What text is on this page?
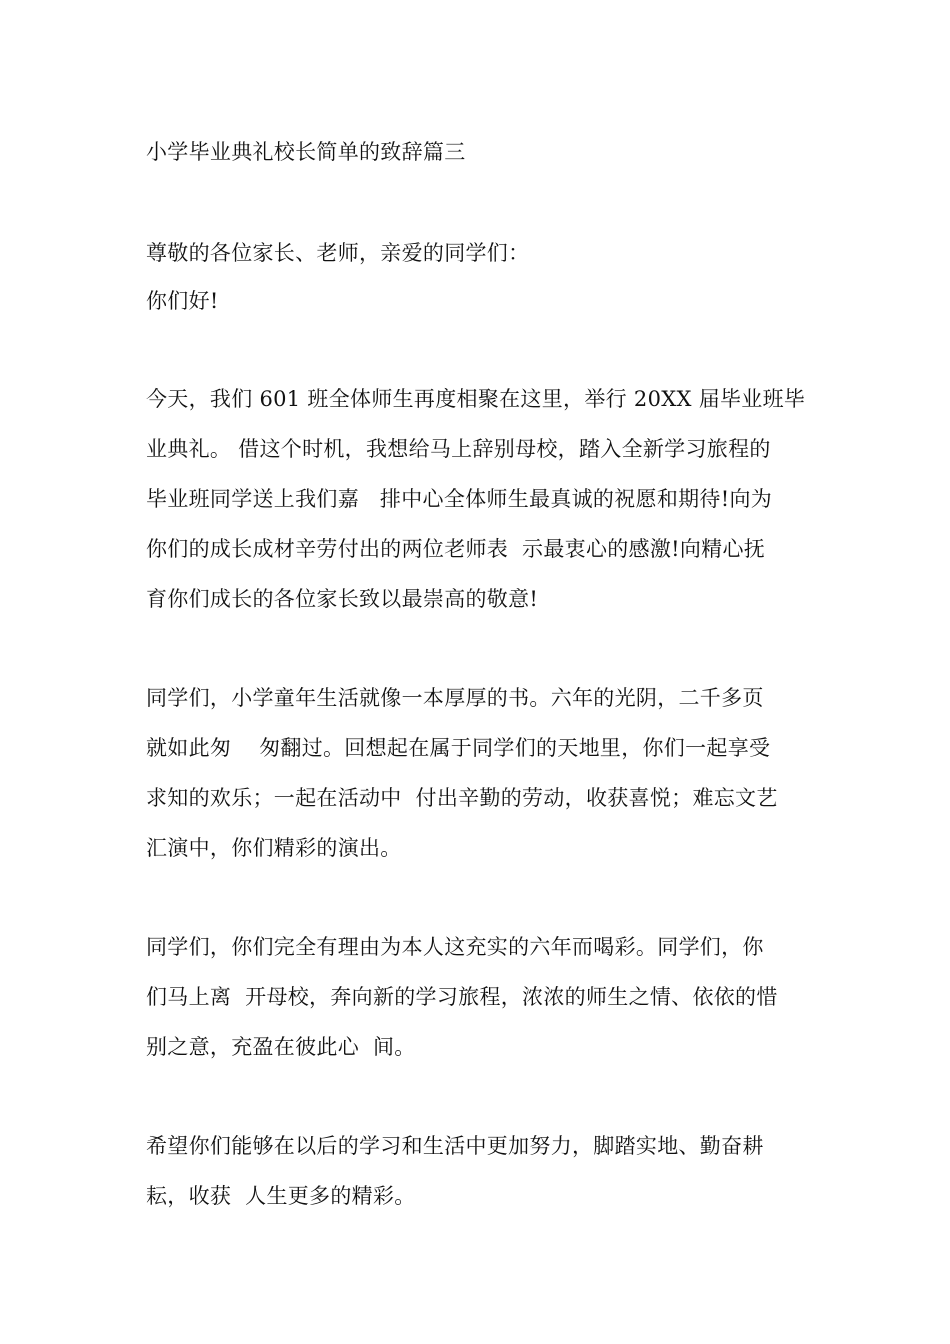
小学毕业典礼校长简单的致辞篇三

尊敬的各位家长、老师，亲爱的同学们：

你们好!

今天，我们 601 班全体师生再度相聚在这里，举行 20XX 届毕业班毕

业典礼。 借这个时机，我想给马上辞别母校，踏入全新学习旅程的

毕业班同学送上我们嘉   排中心全体师生最真诚的祝愿和期待!向为

你们的成长成材辛劳付出的两位老师表  示最衷心的感激!向精心抚

育你们成长的各位家长致以最崇高的敬意!

同学们，小学童年生活就像一本厚厚的书。六年的光阴，二千多页

就如此匆    匆翻过。回想起在属于同学们的天地里，你们一起享受

求知的欢乐；一起在活动中  付出辛勤的劳动，收获喜悦；难忘文艺

汇演中，你们精彩的演出。

同学们，你们完全有理由为本人这充实的六年而喝彩。同学们，你

们马上离  开母校，奔向新的学习旅程，浓浓的师生之情、依依的惜

别之意，充盈在彼此心  间。

希望你们能够在以后的学习和生活中更加努力，脚踏实地、勤奋耕

耘，收获  人生更多的精彩。
